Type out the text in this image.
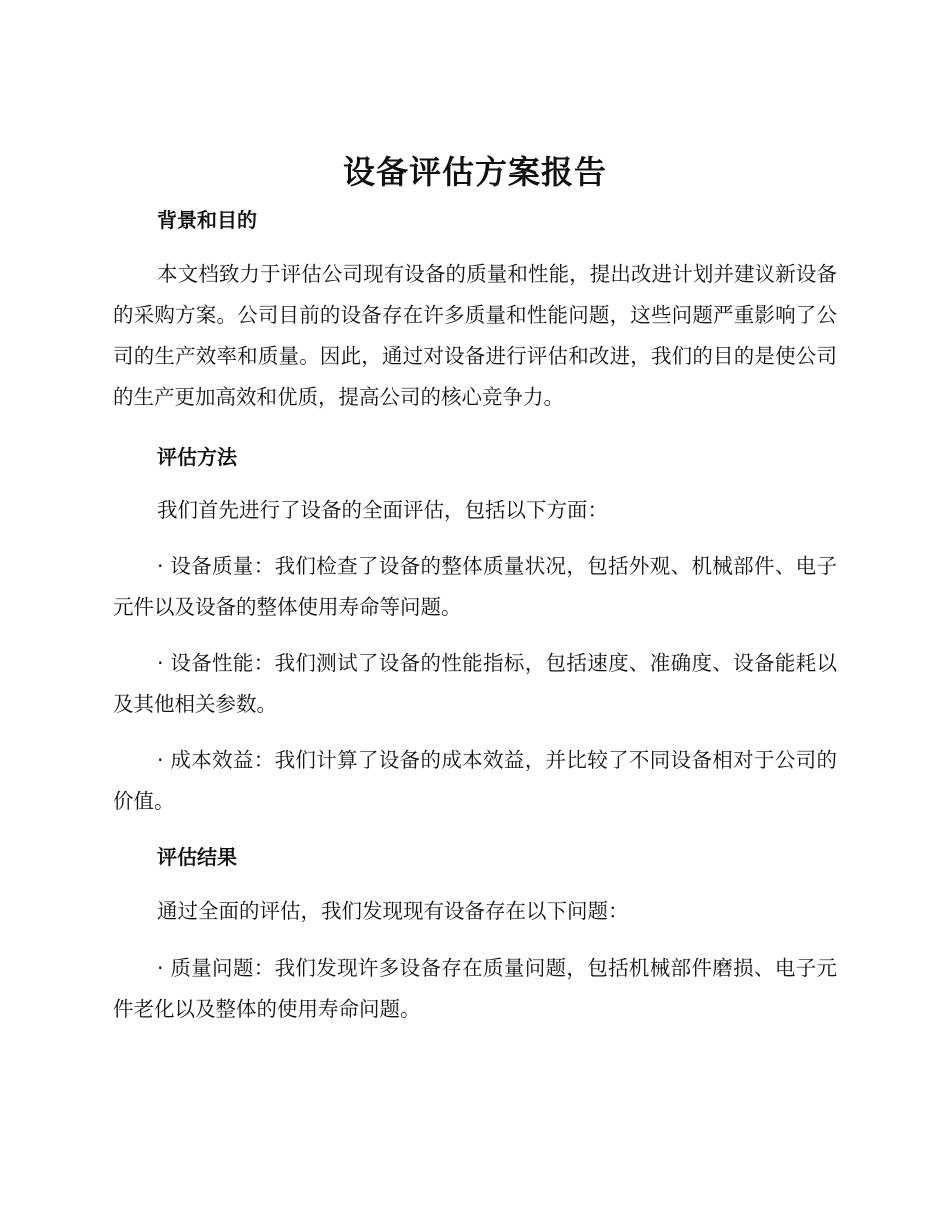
设备评估方案报告
背景和目的

本文档致力于评估公司现有设备的质量和性能，提出改进计划并建议新设备的采购方案。公司目前的设备存在许多质量和性能问题，这些问题严重影响了公司的生产效率和质量。因此，通过对设备进行评估和改进，我们的目的是使公司的生产更加高效和优质，提高公司的核心竞争力。

评估方法

我们首先进行了设备的全面评估，包括以下方面：

· 设备质量：我们检查了设备的整体质量状况，包括外观、机械部件、电子元件以及设备的整体使用寿命等问题。

· 设备性能：我们测试了设备的性能指标，包括速度、准确度、设备能耗以及其他相关参数。

· 成本效益：我们计算了设备的成本效益，并比较了不同设备相对于公司的价值。

评估结果

通过全面的评估，我们发现现有设备存在以下问题：

· 质量问题：我们发现许多设备存在质量问题，包括机械部件磨损、电子元件老化以及整体的使用寿命问题。
